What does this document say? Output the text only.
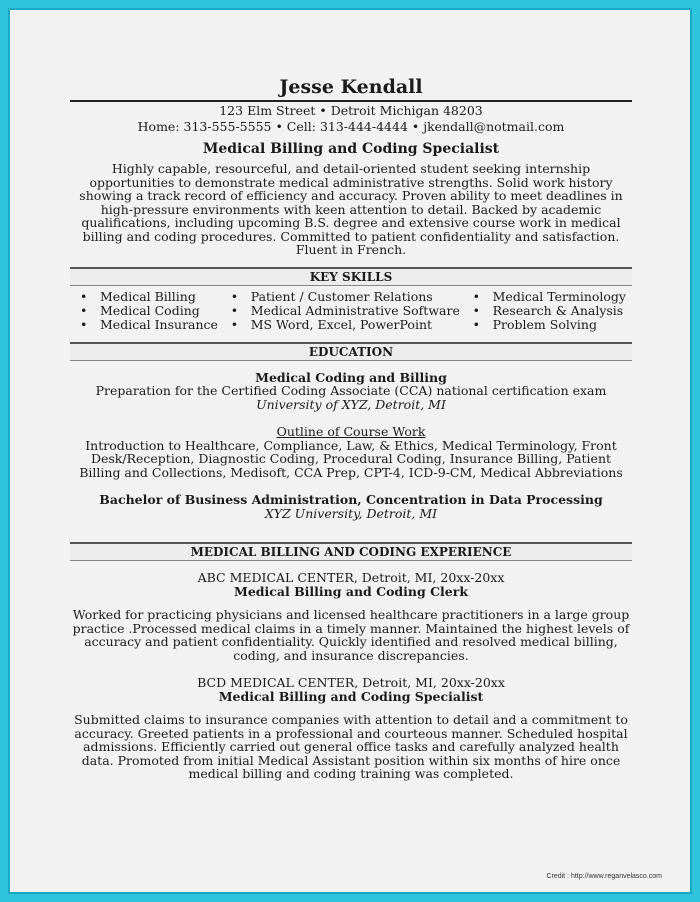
Jesse Kendall
123 Elm Street • Detroit Michigan 48203
Home: 313-555-5555 • Cell: 313-444-4444 • jkendall@notmail.com
Medical Billing and Coding Specialist
Highly capable, resourceful, and detail-oriented student seeking internship opportunities to demonstrate medical administrative strengths. Solid work history showing a track record of efficiency and accuracy. Proven ability to meet deadlines in high-pressure environments with keen attention to detail. Backed by academic qualifications, including upcoming B.S. degree and extensive course work in medical billing and coding procedures. Committed to patient confidentiality and satisfaction. Fluent in French.
KEY SKILLS
• Medical Billing
• Medical Coding
• Medical Insurance
• Patient / Customer Relations
• Medical Administrative Software
• MS Word, Excel, PowerPoint
• Medical Terminology
• Research & Analysis
• Problem Solving
EDUCATION
Medical Coding and Billing
Preparation for the Certified Coding Associate (CCA) national certification exam
University of XYZ, Detroit, MI
Outline of Course Work
Introduction to Healthcare, Compliance, Law, & Ethics, Medical Terminology, Front Desk/Reception, Diagnostic Coding, Procedural Coding, Insurance Billing, Patient Billing and Collections, Medisoft, CCA Prep, CPT-4, ICD-9-CM, Medical Abbreviations
Bachelor of Business Administration, Concentration in Data Processing
XYZ University, Detroit, MI
MEDICAL BILLING AND CODING EXPERIENCE
ABC MEDICAL CENTER, Detroit, MI, 20xx-20xx
Medical Billing and Coding Clerk
Worked for practicing physicians and licensed healthcare practitioners in a large group practice .Processed medical claims in a timely manner. Maintained the highest levels of accuracy and patient confidentiality. Quickly identified and resolved medical billing, coding, and insurance discrepancies.
BCD MEDICAL CENTER, Detroit, MI, 20xx-20xx
Medical Billing and Coding Specialist
Submitted claims to insurance companies with attention to detail and a commitment to accuracy. Greeted patients in a professional and courteous manner. Scheduled hospital admissions. Efficiently carried out general office tasks and carefully analyzed health data. Promoted from initial Medical Assistant position within six months of hire once medical billing and coding training was completed.
Credit : http://www.reganvelasco.com
